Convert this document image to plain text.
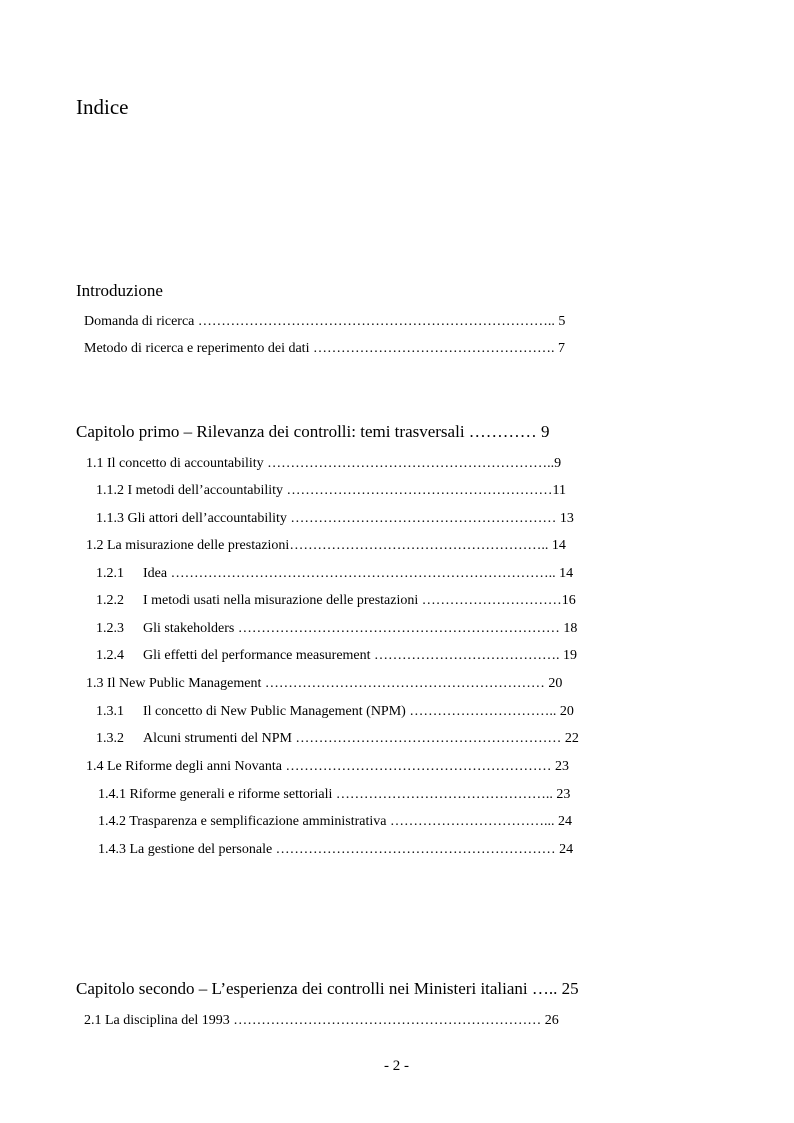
Indice
Introduzione
Domanda di ricerca ………………………………………………………………….. 5
Metodo di ricerca e reperimento dei dati ……………………………………………. 7
Capitolo primo – Rilevanza dei controlli: temi trasversali ………… 9
1.1 Il concetto di accountability ……………………………………………………..9
1.1.2 I metodi dell’accountability …………………………………………………11
1.1.3 Gli attori dell’accountability ………………………………………………… 13
1.2 La misurazione delle prestazioni……………………………………………….. 14
1.2.1 Idea ……………………………………………………………………….. 14
1.2.2 I metodi usati nella misurazione delle prestazioni …………………………16
1.2.3 Gli stakeholders …………………………………………………………… 18
1.2.4 Gli effetti del performance measurement …………………………………. 19
1.3 Il New Public Management …………………………………………………… 20
1.3.1 Il concetto di New Public Management (NPM) ………………………….. 20
1.3.2 Alcuni strumenti del NPM ………………………………………………… 22
1.4 Le Riforme degli anni Novanta ………………………………………………… 23
1.4.1 Riforme generali e riforme settoriali ……………………………………….. 23
1.4.2 Trasparenza e semplificazione amministrativa ……………………………... 24
1.4.3 La gestione del personale …………………………………………………… 24
Capitolo secondo – L’esperienza dei controlli nei Ministeri italiani ….. 25
2.1 La disciplina del 1993 ………………………………………………………… 26
- 2 -
